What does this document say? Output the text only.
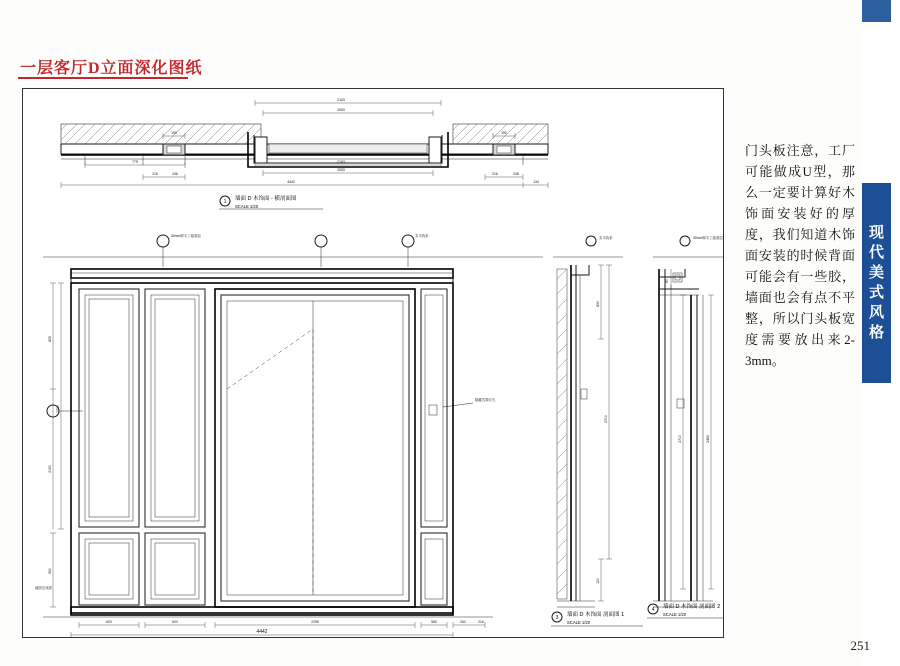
一层客厅D立面深化图纸
现
代
美
式
风
格
门头板注意，工厂可能做成U型，那么一定要计算好木饰面安装好的厚度，我们知道木饰面安装的时候背面可能会有一些胶，墙面也会有点不平整，所以门头板宽度需要放出来2-3mm。
251
2163
2053
190	190
779	2163
2053
216	246	216	246
4442	134
1 墙面 D 木饰面 - 横剖面图
SCALE 1/20
30mm厚木工板基层	实木线条
隐藏式筒灯孔
地面完成面
825
2710
2150
560
603	603	2295	580	262	216
4442
实木线条
830
2710
120
3 墙面 D 木饰面 剖面图 1
SCALE 1/20
30mm厚木工板基层
60
2710	2465
4 墙面 D 木饰面 剖面图 2
SCALE 1/20
